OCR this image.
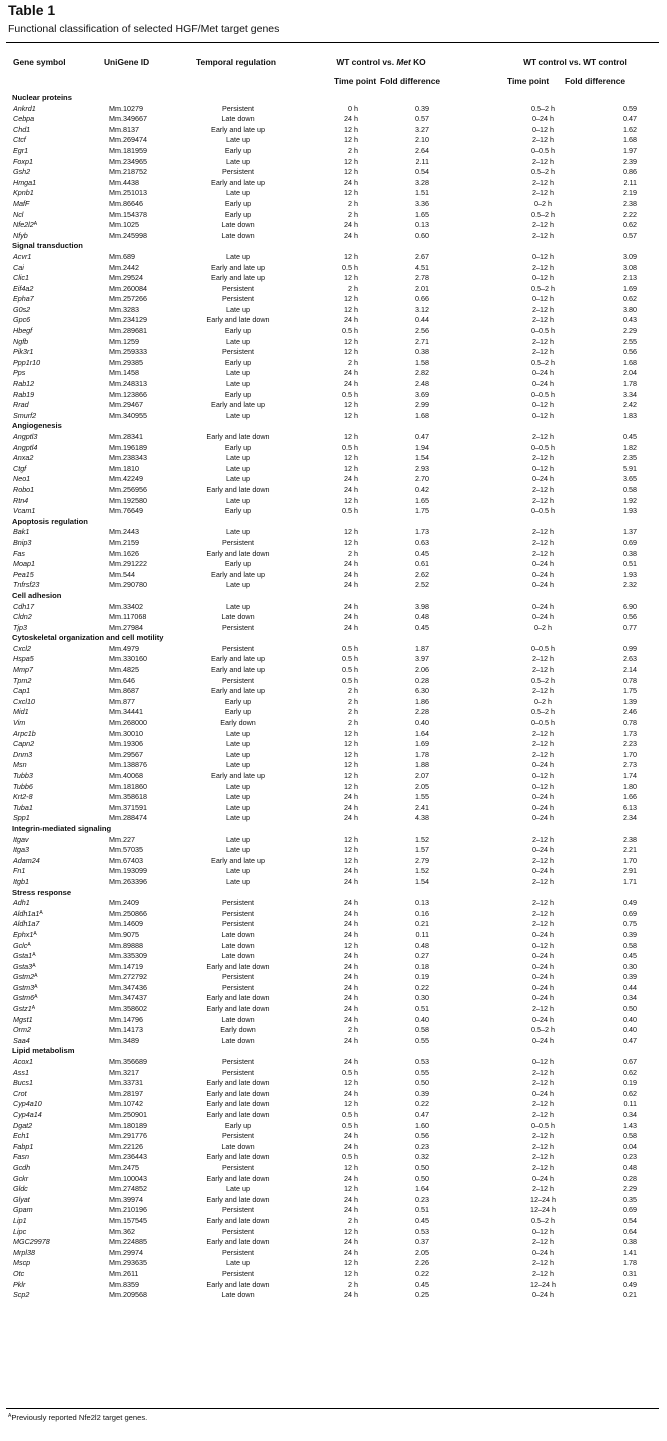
Table 1
Functional classification of selected HGF/Met target genes
Gene symbol	UniGene ID	Temporal regulation	WT control vs. Met KO	WT control vs. WT control
Time point Fold difference	Time point Fold difference
Nuclear proteins
Ankrd1	Mm.10279	Persistent	0 h	0.39	0.5–2 h	0.59
Cebpa	Mm.349667	Late down	24 h	0.57	0–24 h	0.47
Chd1	Mm.8137	Early and late up	12 h	3.27	0–12 h	1.62
Ctcf	Mm.269474	Late up	12 h	2.10	2–12 h	1.68
Egr1	Mm.181959	Early up	2 h	2.64	0–0.5 h	1.97
Foxp1	Mm.234965	Late up	12 h	2.11	2–12 h	2.39
Gsh2	Mm.218752	Persistent	12 h	0.54	0.5–2 h	0.86
Hmga1	Mm.4438	Early and late up	24 h	3.28	2–12 h	2.11
Kpnb1	Mm.251013	Late up	12 h	1.51	2–12 h	2.19
MafF	Mm.86646	Early up	2 h	3.36	0–2 h	2.38
Ncl	Mm.154378	Early up	2 h	1.65	0.5–2 h	2.22
$Nfe2l2^A$	Mm.1025	Late down	24 h	0.13	2–12 h	0.62
Nfyb	Mm.245998	Late down	24 h	0.60	2–12 h	0.57
Signal transduction
Acvr1	Mm.689	Late up	12 h	2.67	0–12 h	3.09
Cai	Mm.2442	Early and late up	0.5 h	4.51	2–12 h	3.08
Clic1	Mm.29524	Early and late up	12 h	2.78	0–12 h	2.13
Eif4a2	Mm.260084	Persistent	2 h	2.01	0.5–2 h	1.69
Epha7	Mm.257266	Persistent	12 h	0.66	0–12 h	0.62
G0s2	Mm.3283	Late up	12 h	3.12	2–12 h	3.80
Gpc6	Mm.234129	Early and late down	24 h	0.44	2–12 h	0.43
Hbegf	Mm.289681	Early up	0.5 h	2.56	0–0.5 h	2.29
Ngfb	Mm.1259	Late up	12 h	2.71	2–12 h	2.55
Pik3r1	Mm.259333	Persistent	12 h	0.38	2–12 h	0.56
Ppp1r10	Mm.29385	Early up	2 h	1.58	0.5–2 h	1.68
Pps	Mm.1458	Late up	24 h	2.82	0–24 h	2.04
Rab12	Mm.248313	Late up	24 h	2.48	0–24 h	1.78
Rab19	Mm.123866	Early up	0.5 h	3.69	0–0.5 h	3.34
Rrad	Mm.29467	Early and late up	12 h	2.99	0–12 h	2.42
Smurf2	Mm.340955	Late up	12 h	1.68	0–12 h	1.83
Angiogenesis
Angptl3	Mm.28341	Early and late down	12 h	0.47	2–12 h	0.45
Angptl4	Mm.196189	Early up	0.5 h	1.94	0–0.5 h	1.82
Anxa2	Mm.238343	Late up	12 h	1.54	2–12 h	2.35
Ctgf	Mm.1810	Late up	12 h	2.93	0–12 h	5.91
Neo1	Mm.42249	Late up	24 h	2.70	0–24 h	3.65
Robo1	Mm.256956	Early and late down	24 h	0.42	2–12 h	0.58
Rtn4	Mm.192580	Late up	12 h	1.65	2–12 h	1.92
Vcam1	Mm.76649	Early up	0.5 h	1.75	0–0.5 h	1.93
Apoptosis regulation
Bak1	Mm.2443	Late up	12 h	1.73	2–12 h	1.37
Bnip3	Mm.2159	Persistent	12 h	0.63	2–12 h	0.69
Fas	Mm.1626	Early and late down	2 h	0.45	2–12 h	0.38
Moap1	Mm.291222	Early up	24 h	0.61	0–24 h	0.51
Pea15	Mm.544	Early and late up	24 h	2.62	0–24 h	1.93
Tnfrsf23	Mm.290780	Late up	24 h	2.52	0–24 h	2.32
Cell adhesion
Cdh17	Mm.33402	Late up	24 h	3.98	0–24 h	6.90
Cldn2	Mm.117068	Late down	24 h	0.48	0–24 h	0.56
Tjp3	Mm.27984	Persistent	24 h	0.45	0–2 h	0.77
Cytoskeletal organization and cell motility
Cxcl2	Mm.4979	Persistent	0.5 h	1.87	0–0.5 h	0.99
Hspa5	Mm.330160	Early and late up	0.5 h	3.97	2–12 h	2.63
Mmp7	Mm.4825	Early and late up	0.5 h	2.06	2–12 h	2.14
Tpm2	Mm.646	Persistent	0.5 h	0.28	0.5–2 h	0.78
Cap1	Mm.8687	Early and late up	2 h	6.30	2–12 h	1.75
Cxcl10	Mm.877	Early up	2 h	1.86	0–2 h	1.39
Mid1	Mm.34441	Early up	2 h	2.28	0.5–2 h	2.46
Vim	Mm.268000	Early down	2 h	0.40	0–0.5 h	0.78
Arpc1b	Mm.30010	Late up	12 h	1.64	2–12 h	1.73
Capn2	Mm.19306	Late up	12 h	1.69	2–12 h	2.23
Dnm3	Mm.29567	Late up	12 h	1.78	2–12 h	1.70
Msn	Mm.138876	Late up	12 h	1.88	0–24 h	2.73
Tubb3	Mm.40068	Early and late up	12 h	2.07	0–12 h	1.74
Tubb6	Mm.181860	Late up	12 h	2.05	0–12 h	1.80
Krt2-8	Mm.358618	Late up	24 h	1.55	0–24 h	1.66
Tuba1	Mm.371591	Late up	24 h	2.41	0–24 h	6.13
Spp1	Mm.288474	Late up	24 h	4.38	0–24 h	2.34
Integrin-mediated signaling
Itgav	Mm.227	Late up	12 h	1.52	2–12 h	2.38
Itga3	Mm.57035	Late up	12 h	1.57	0–24 h	2.21
Adam24	Mm.67403	Early and late up	12 h	2.79	2–12 h	1.70
Fn1	Mm.193099	Late up	24 h	1.52	0–24 h	2.91
Itgb1	Mm.263396	Late up	24 h	1.54	2–12 h	1.71
Stress response
Adh1	Mm.2409	Persistent	24 h	0.13	2–12 h	0.49
$Aldh1a1^A$	Mm.250866	Persistent	24 h	0.16	2–12 h	0.69
Aldh1a7	Mm.14609	Persistent	24 h	0.21	2–12 h	0.75
$Ephx1^A$	Mm.9075	Late down	24 h	0.11	0–24 h	0.39
Gclc$^A$	Mm.89888	Late down	12 h	0.48	0–12 h	0.58
$Gsta1^A$	Mm.335309	Late down	24 h	0.27	0–24 h	0.45
$Gsta3^A$	Mm.14719	Early and late down	24 h	0.18	0–24 h	0.30
$Gstm2^A$	Mm.272792	Persistent	24 h	0.19	0–24 h	0.39
$Gstm3^A$	Mm.347436	Persistent	24 h	0.22	0–24 h	0.44
$Gstm6^A$	Mm.347437	Early and late down	24 h	0.30	0–24 h	0.34
$Gstz1^A$	Mm.358602	Early and late down	24 h	0.51	2–12 h	0.50
Mgst1	Mm.14796	Late down	24 h	0.40	0–24 h	0.40
Orm2	Mm.14173	Early down	2 h	0.58	0.5–2 h	0.40
Saa4	Mm.3489	Late down	24 h	0.55	0–24 h	0.47
Lipid metabolism
Acox1	Mm.356689	Persistent	24 h	0.53	0–12 h	0.67
Ass1	Mm.3217	Persistent	0.5 h	0.55	2–12 h	0.62
Bucs1	Mm.33731	Early and late down	12 h	0.50	2–12 h	0.19
Crot	Mm.28197	Early and late down	24 h	0.39	0–24 h	0.62
Cyp4a10	Mm.10742	Early and late down	12 h	0.22	2–12 h	0.11
Cyp4a14	Mm.250901	Early and late down	0.5 h	0.47	2–12 h	0.34
Dgat2	Mm.180189	Early up	0.5 h	1.60	0–0.5 h	1.43
Ech1	Mm.291776	Persistent	24 h	0.56	2–12 h	0.58
Fabp1	Mm.22126	Late down	24 h	0.23	2–12 h	0.04
Fasn	Mm.236443	Early and late down	0.5 h	0.32	2–12 h	0.23
Gcdh	Mm.2475	Persistent	12 h	0.50	2–12 h	0.48
Gckr	Mm.100043	Early and late down	24 h	0.50	0–24 h	0.28
Gldc	Mm.274852	Late up	12 h	1.64	2–12 h	2.29
Glyat	Mm.39974	Early and late down	24 h	0.23	12–24 h	0.35
Gpam	Mm.210196	Persistent	24 h	0.51	12–24 h	0.69
Lip1	Mm.157545	Early and late down	2 h	0.45	0.5–2 h	0.54
Lipc	Mm.362	Persistent	12 h	0.53	0–12 h	0.64
MGC29978	Mm.224885	Early and late down	24 h	0.37	2–12 h	0.38
Mrpl38	Mm.29974	Persistent	24 h	2.05	0–24 h	1.41
Mscp	Mm.293635	Late up	12 h	2.26	2–12 h	1.78
Otc	Mm.2611	Persistent	12 h	0.22	2–12 h	0.31
Pklr	Mm.8359	Early and late down	2 h	0.45	12–24 h	0.49
Scp2	Mm.209568	Late down	24 h	0.25	0–24 h	0.21
$^A$Previously reported Nfe2l2 target genes.
